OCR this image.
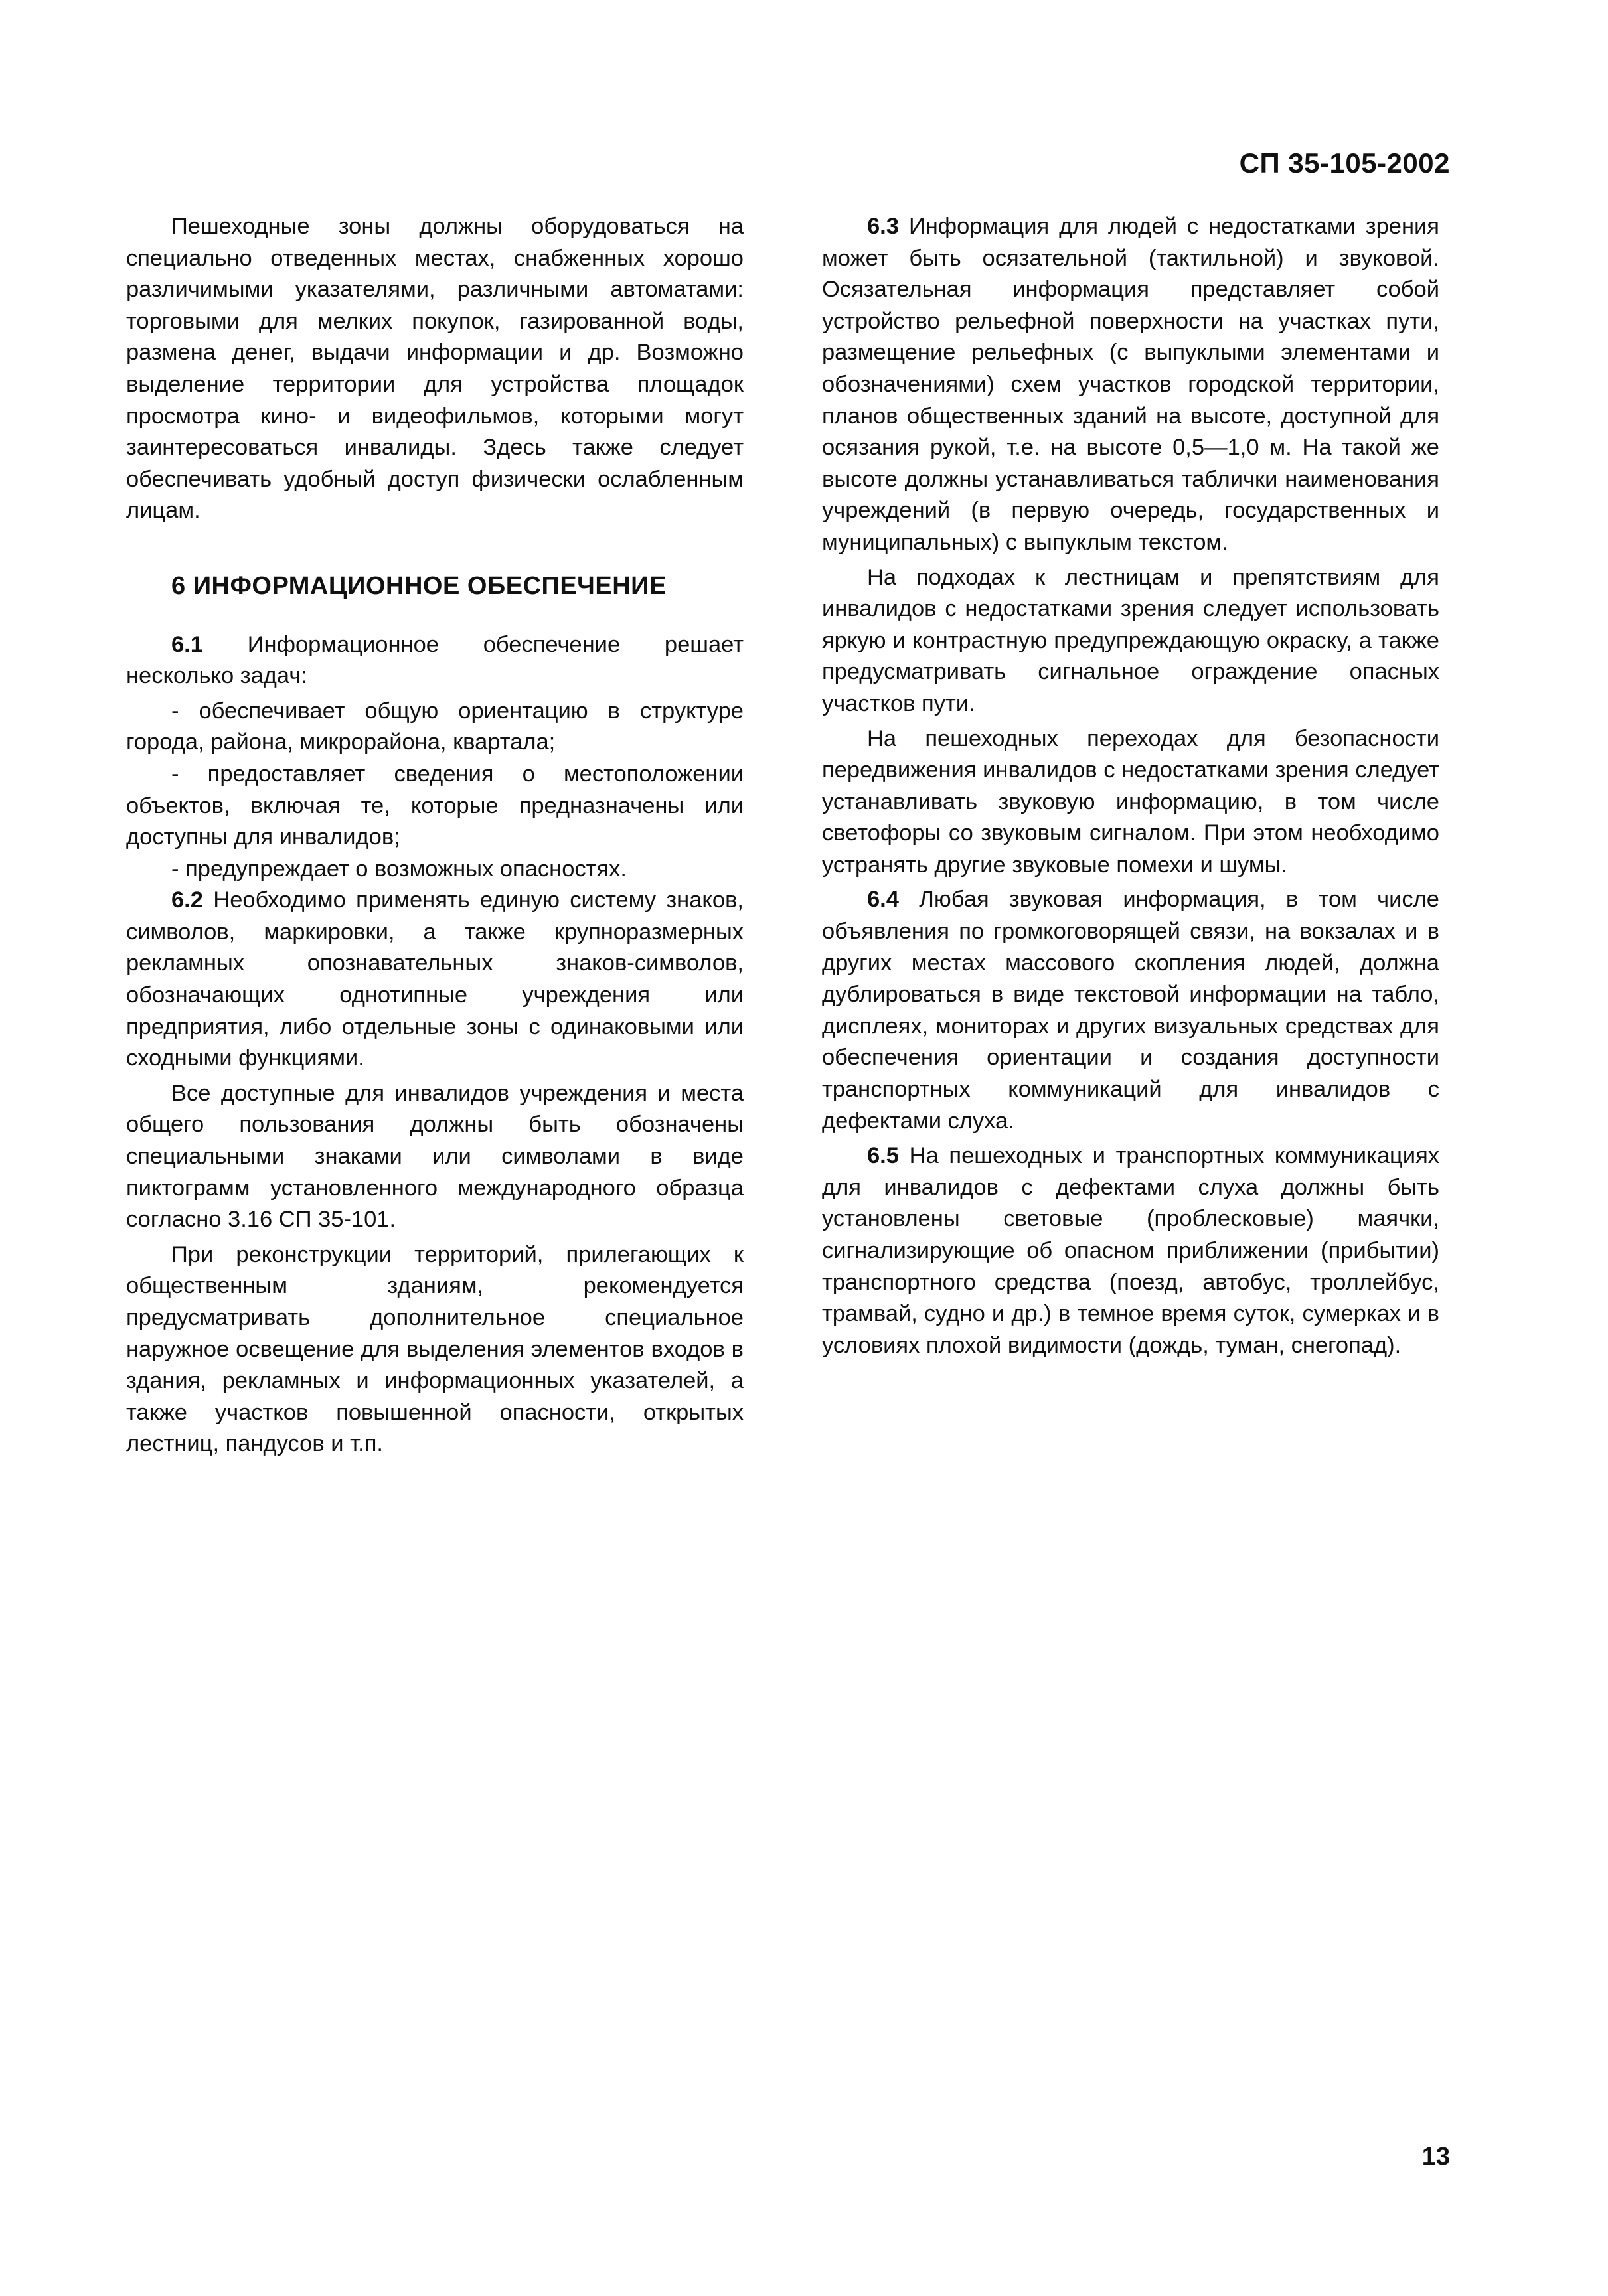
СП 35-105-2002

Пешеходные зоны должны оборудоваться на специально отведенных местах, снабженных хорошо различимыми указателями, различными автоматами: торговыми для мелких покупок, газированной воды, размена денег, выдачи информации и др. Возможно выделение территории для устройства площадок просмотра кино- и видеофильмов, которыми могут заинтересоваться инвалиды. Здесь также следует обеспечивать удобный доступ физически ослабленным лицам.

6 ИНФОРМАЦИОННОЕ ОБЕСПЕЧЕНИЕ

6.1 Информационное обеспечение решает несколько задач:

- обеспечивает общую ориентацию в структуре города, района, микрорайона, квартала;

- предоставляет сведения о местоположении объектов, включая те, которые предназначены или доступны для инвалидов;

- предупреждает о возможных опасностях.

6.2 Необходимо применять единую систему знаков, символов, маркировки, а также крупноразмерных рекламных опознавательных знаков-символов, обозначающих однотипные учреждения или предприятия, либо отдельные зоны с одинаковыми или сходными функциями.

Все доступные для инвалидов учреждения и места общего пользования должны быть обозначены специальными знаками или символами в виде пиктограмм установленного международного образца согласно 3.16 СП 35-101.

При реконструкции территорий, прилегающих к общественным зданиям, рекомендуется предусматривать дополнительное специальное наружное освещение для выделения элементов входов в здания, рекламных и информационных указателей, а также участков повышенной опасности, открытых лестниц, пандусов и т.п.

6.3 Информация для людей с недостатками зрения может быть осязательной (тактильной) и звуковой. Осязательная информация представляет собой устройство рельефной поверхности на участках пути, размещение рельефных (с выпуклыми элементами и обозначениями) схем участков городской территории, планов общественных зданий на высоте, доступной для осязания рукой, т.е. на высоте 0,5—1,0 м. На такой же высоте должны устанавливаться таблички наименования учреждений (в первую очередь, государственных и муниципальных) с выпуклым текстом.

На подходах к лестницам и препятствиям для инвалидов с недостатками зрения следует использовать яркую и контрастную предупреждающую окраску, а также предусматривать сигнальное ограждение опасных участков пути.

На пешеходных переходах для безопасности передвижения инвалидов с недостатками зрения следует устанавливать звуковую информацию, в том числе светофоры со звуковым сигналом. При этом необходимо устранять другие звуковые помехи и шумы.

6.4 Любая звуковая информация, в том числе объявления по громкоговорящей связи, на вокзалах и в других местах массового скопления людей, должна дублироваться в виде текстовой информации на табло, дисплеях, мониторах и других визуальных средствах для обеспечения ориентации и создания доступности транспортных коммуникаций для инвалидов с дефектами слуха.

6.5 На пешеходных и транспортных коммуникациях для инвалидов с дефектами слуха должны быть установлены световые (проблесковые) маячки, сигнализирующие об опасном приближении (прибытии) транспортного средства (поезд, автобус, троллейбус, трамвай, судно и др.) в темное время суток, сумерках и в условиях плохой видимости (дождь, туман, снегопад).

13
